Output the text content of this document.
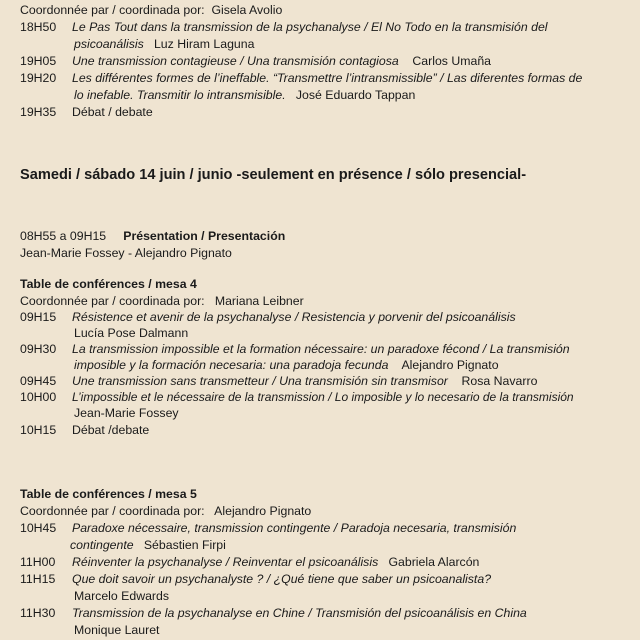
Coordonnée par / coordinada por: Gisela Avolio
18H50 Le Pas Tout dans la transmission de la psychanalyse / El No Todo en la transmisión del
psicoanálisis Luz Hiram Laguna
19H05 Une transmission contagieuse / Una transmisión contagiosa Carlos Umaña
19H20 Les différentes formes de l’ineffable. “Transmettre l’intransmissible” / Las diferentes formas de
lo inefable. Transmitir lo intransmisible. José Eduardo Tappan
19H35 Débat / debate
Samedi / sábado 14 juin / junio -seulement en présence / sólo presencial-
08H55 a 09H15 Présentation / Presentación
Jean-Marie Fossey - Alejandro Pignato
Table de conférences / mesa 4
Coordonnée par / coordinada por: Mariana Leibner
09H15 Résistence et avenir de la psychanalyse / Resistencia y porvenir del psicoanálisis
Lucía Pose Dalmann
09H30 La transmission impossible et la formation nécessaire: un paradoxe fécond / La transmisión
imposible y la formación necesaria: una paradoja fecunda Alejandro Pignato
09H45 Une transmission sans transmetteur / Una transmisión sin transmisor Rosa Navarro
10H00 L’impossible et le nécessaire de la transmission / Lo imposible y lo necesario de la transmisión
Jean-Marie Fossey
10H15 Débat /debate
Table de conférences / mesa 5
Coordonnée par / coordinada por: Alejandro Pignato
10H45 Paradoxe nécessaire, transmission contingente / Paradoja necesaria, transmisión
contingente Sébastien Firpi
11H00 Réinventer la psychanalyse / Reinventar el psicoanálisis Gabriela Alarcón
11H15 Que doit savoir un psychanalyste ? / ¿Qué tiene que saber un psicoanalista?
Marcelo Edwards
11H30 Transmission de la psychanalyse en Chine / Transmisión del psicoanálisis en China
Monique Lauret
